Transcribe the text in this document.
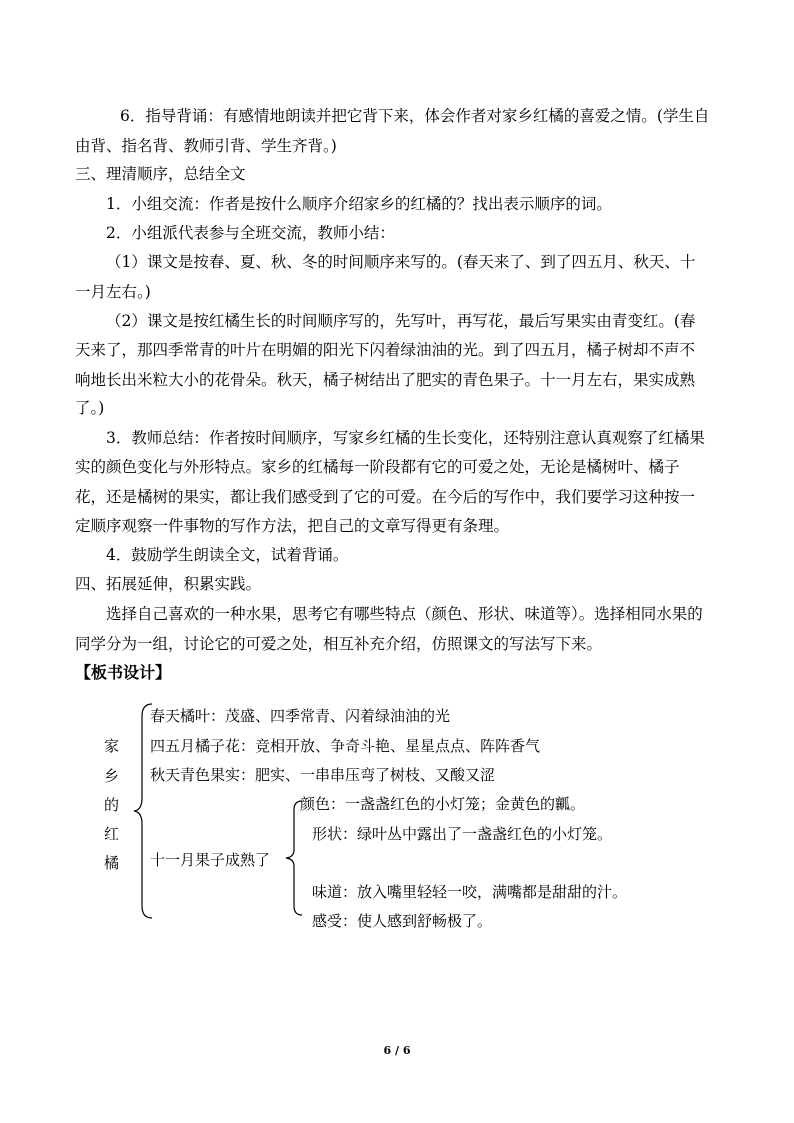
6．指导背诵：有感情地朗读并把它背下来，体会作者对家乡红橘的喜爱之情。(学生自
由背、指名背、教师引背、学生齐背。)
三、理清顺序，总结全文
1．小组交流：作者是按什么顺序介绍家乡的红橘的？找出表示顺序的词。
2．小组派代表参与全班交流，教师小结：
（1）课文是按春、夏、秋、冬的时间顺序来写的。(春天来了、到了四五月、秋天、十
一月左右。)
（2）课文是按红橘生长的时间顺序写的，先写叶，再写花，最后写果实由青变红。(春
天来了，那四季常青的叶片在明媚的阳光下闪着绿油油的光。到了四五月，橘子树却不声不
响地长出米粒大小的花骨朵。秋天，橘子树结出了肥实的青色果子。十一月左右，果实成熟
了。)
3．教师总结：作者按时间顺序，写家乡红橘的生长变化，还特别注意认真观察了红橘果
实的颜色变化与外形特点。家乡的红橘每一阶段都有它的可爱之处，无论是橘树叶、橘子
花，还是橘树的果实，都让我们感受到了它的可爱。在今后的写作中，我们要学习这种按一
定顺序观察一件事物的写作方法，把自己的文章写得更有条理。
4．鼓励学生朗读全文，试着背诵。
四、拓展延伸，积累实践。
选择自己喜欢的一种水果，思考它有哪些特点（颜色、形状、味道等）。选择相同水果的
同学分为一组，讨论它的可爱之处，相互补充介绍，仿照课文的写法写下来。
【板书设计】
家
乡
的
红
橘
春天橘叶：茂盛、四季常青、闪着绿油油的光
四五月橘子花：竞相开放、争奇斗艳、星星点点、阵阵香气
秋天青色果实：肥实、一串串压弯了树枝、又酸又涩
十一月果子成熟了
颜色：一盏盏红色的小灯笼；金黄色的瓤。
形状：绿叶丛中露出了一盏盏红色的小灯笼。
味道：放入嘴里轻轻一咬，满嘴都是甜甜的汁。
感受：使人感到舒畅极了。
6 / 6
